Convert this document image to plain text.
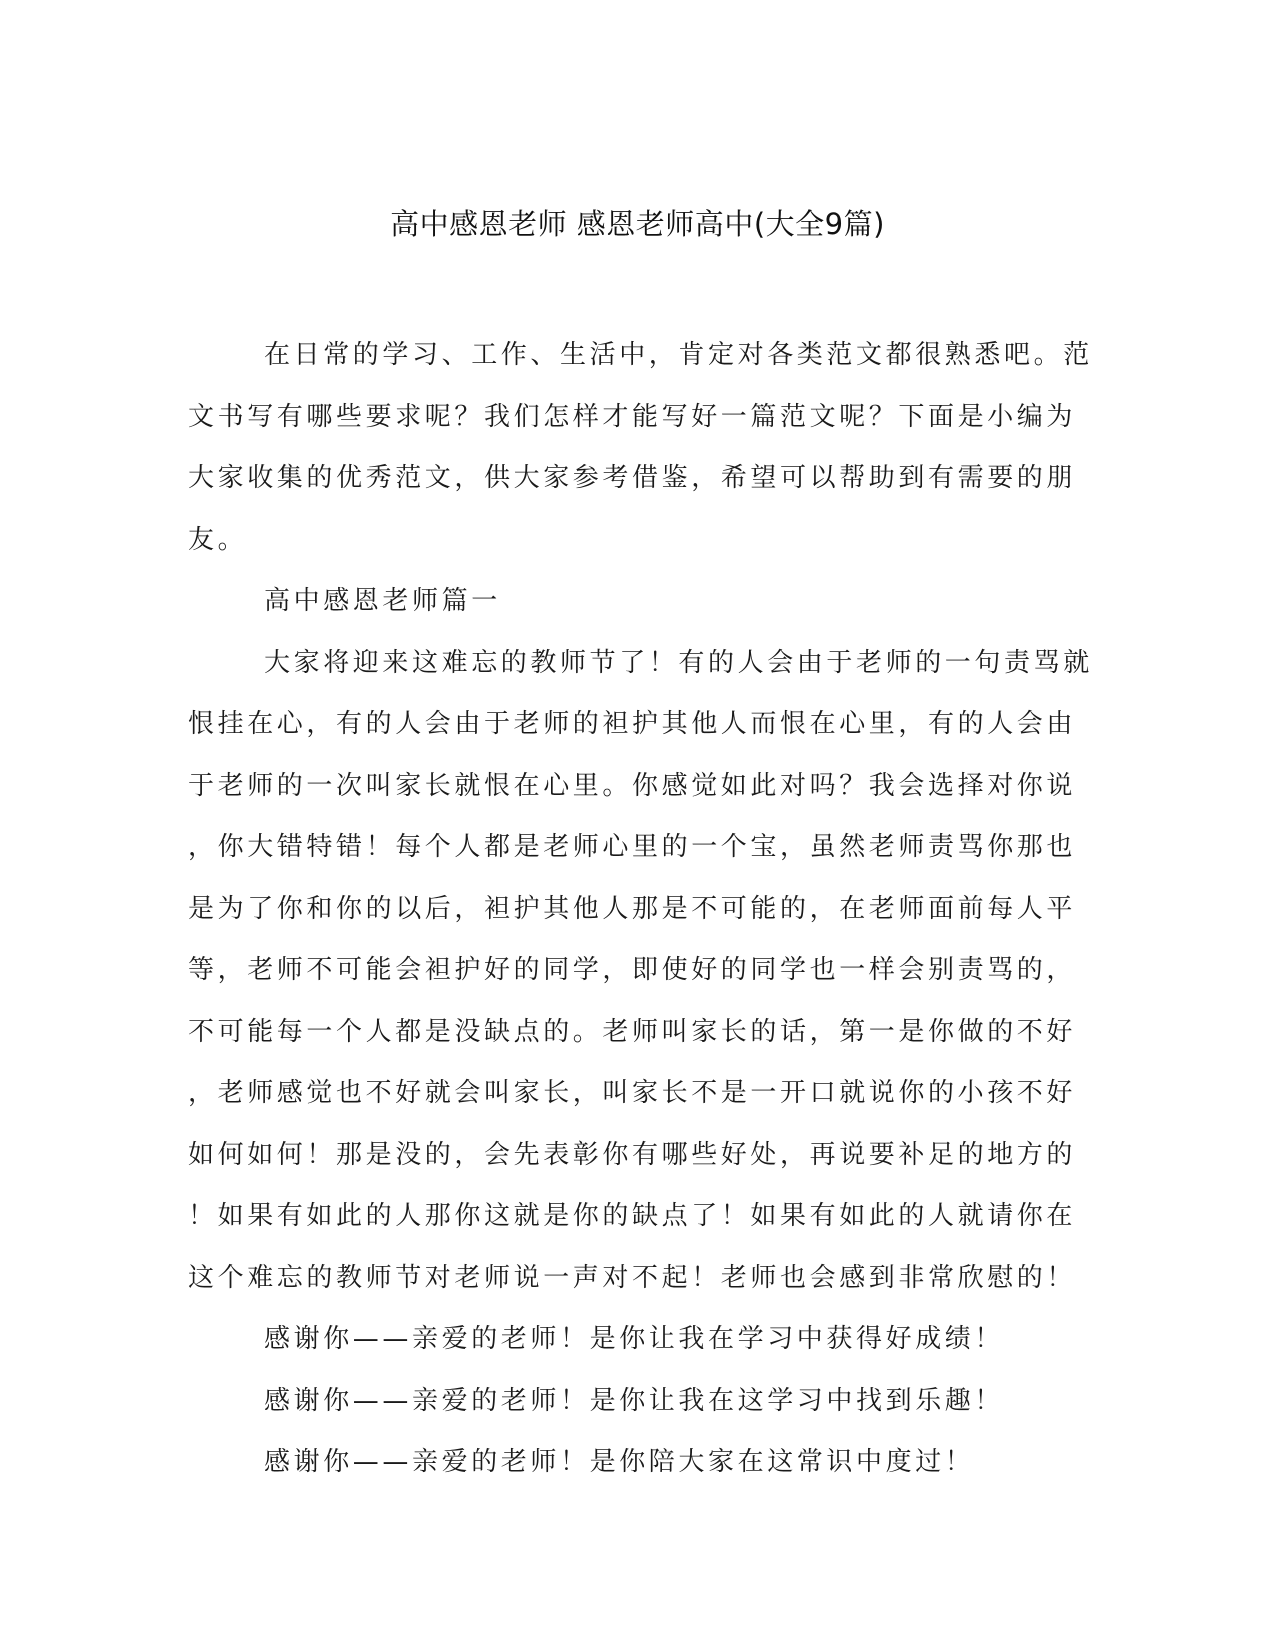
高中感恩老师 感恩老师高中(大全9篇)
在日常的学习、工作、生活中，肯定对各类范文都很熟悉吧。范
文书写有哪些要求呢？我们怎样才能写好一篇范文呢？下面是小编为
大家收集的优秀范文，供大家参考借鉴，希望可以帮助到有需要的朋
友。
高中感恩老师篇一
大家将迎来这难忘的教师节了！有的人会由于老师的一句责骂就
恨挂在心，有的人会由于老师的袒护其他人而恨在心里，有的人会由
于老师的一次叫家长就恨在心里。你感觉如此对吗？我会选择对你说
，你大错特错！每个人都是老师心里的一个宝，虽然老师责骂你那也
是为了你和你的以后，袒护其他人那是不可能的，在老师面前每人平
等，老师不可能会袒护好的同学，即使好的同学也一样会别责骂的，
不可能每一个人都是没缺点的。老师叫家长的话，第一是你做的不好
，老师感觉也不好就会叫家长，叫家长不是一开口就说你的小孩不好
如何如何！那是没的，会先表彰你有哪些好处，再说要补足的地方的
！如果有如此的人那你这就是你的缺点了！如果有如此的人就请你在
这个难忘的教师节对老师说一声对不起！老师也会感到非常欣慰的！
感谢你——亲爱的老师！是你让我在学习中获得好成绩！
感谢你——亲爱的老师！是你让我在这学习中找到乐趣！
感谢你——亲爱的老师！是你陪大家在这常识中度过！
